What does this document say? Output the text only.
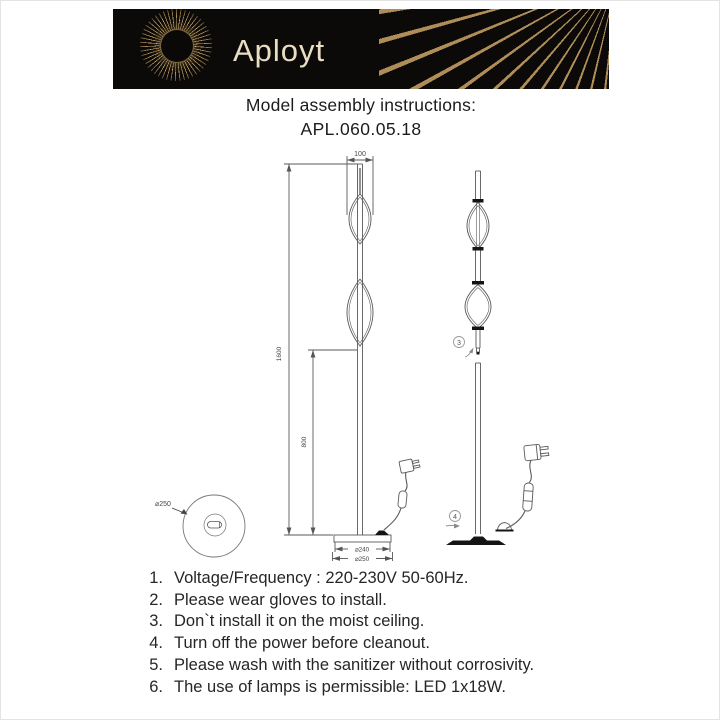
Aployt
Model assembly instructions:
APL.060.05.18
100
1600
800
⌀240
⌀250
3
4
⌀250
1. Voltage/Frequency : 220-230V 50-60Hz.
2. Please wear gloves to install.
3. Don`t install it on the moist ceiling.
4. Turn off the power before cleanout.
5. Please wash with the sanitizer without corrosivity.
6. The use of lamps is permissible: LED 1x18W.
